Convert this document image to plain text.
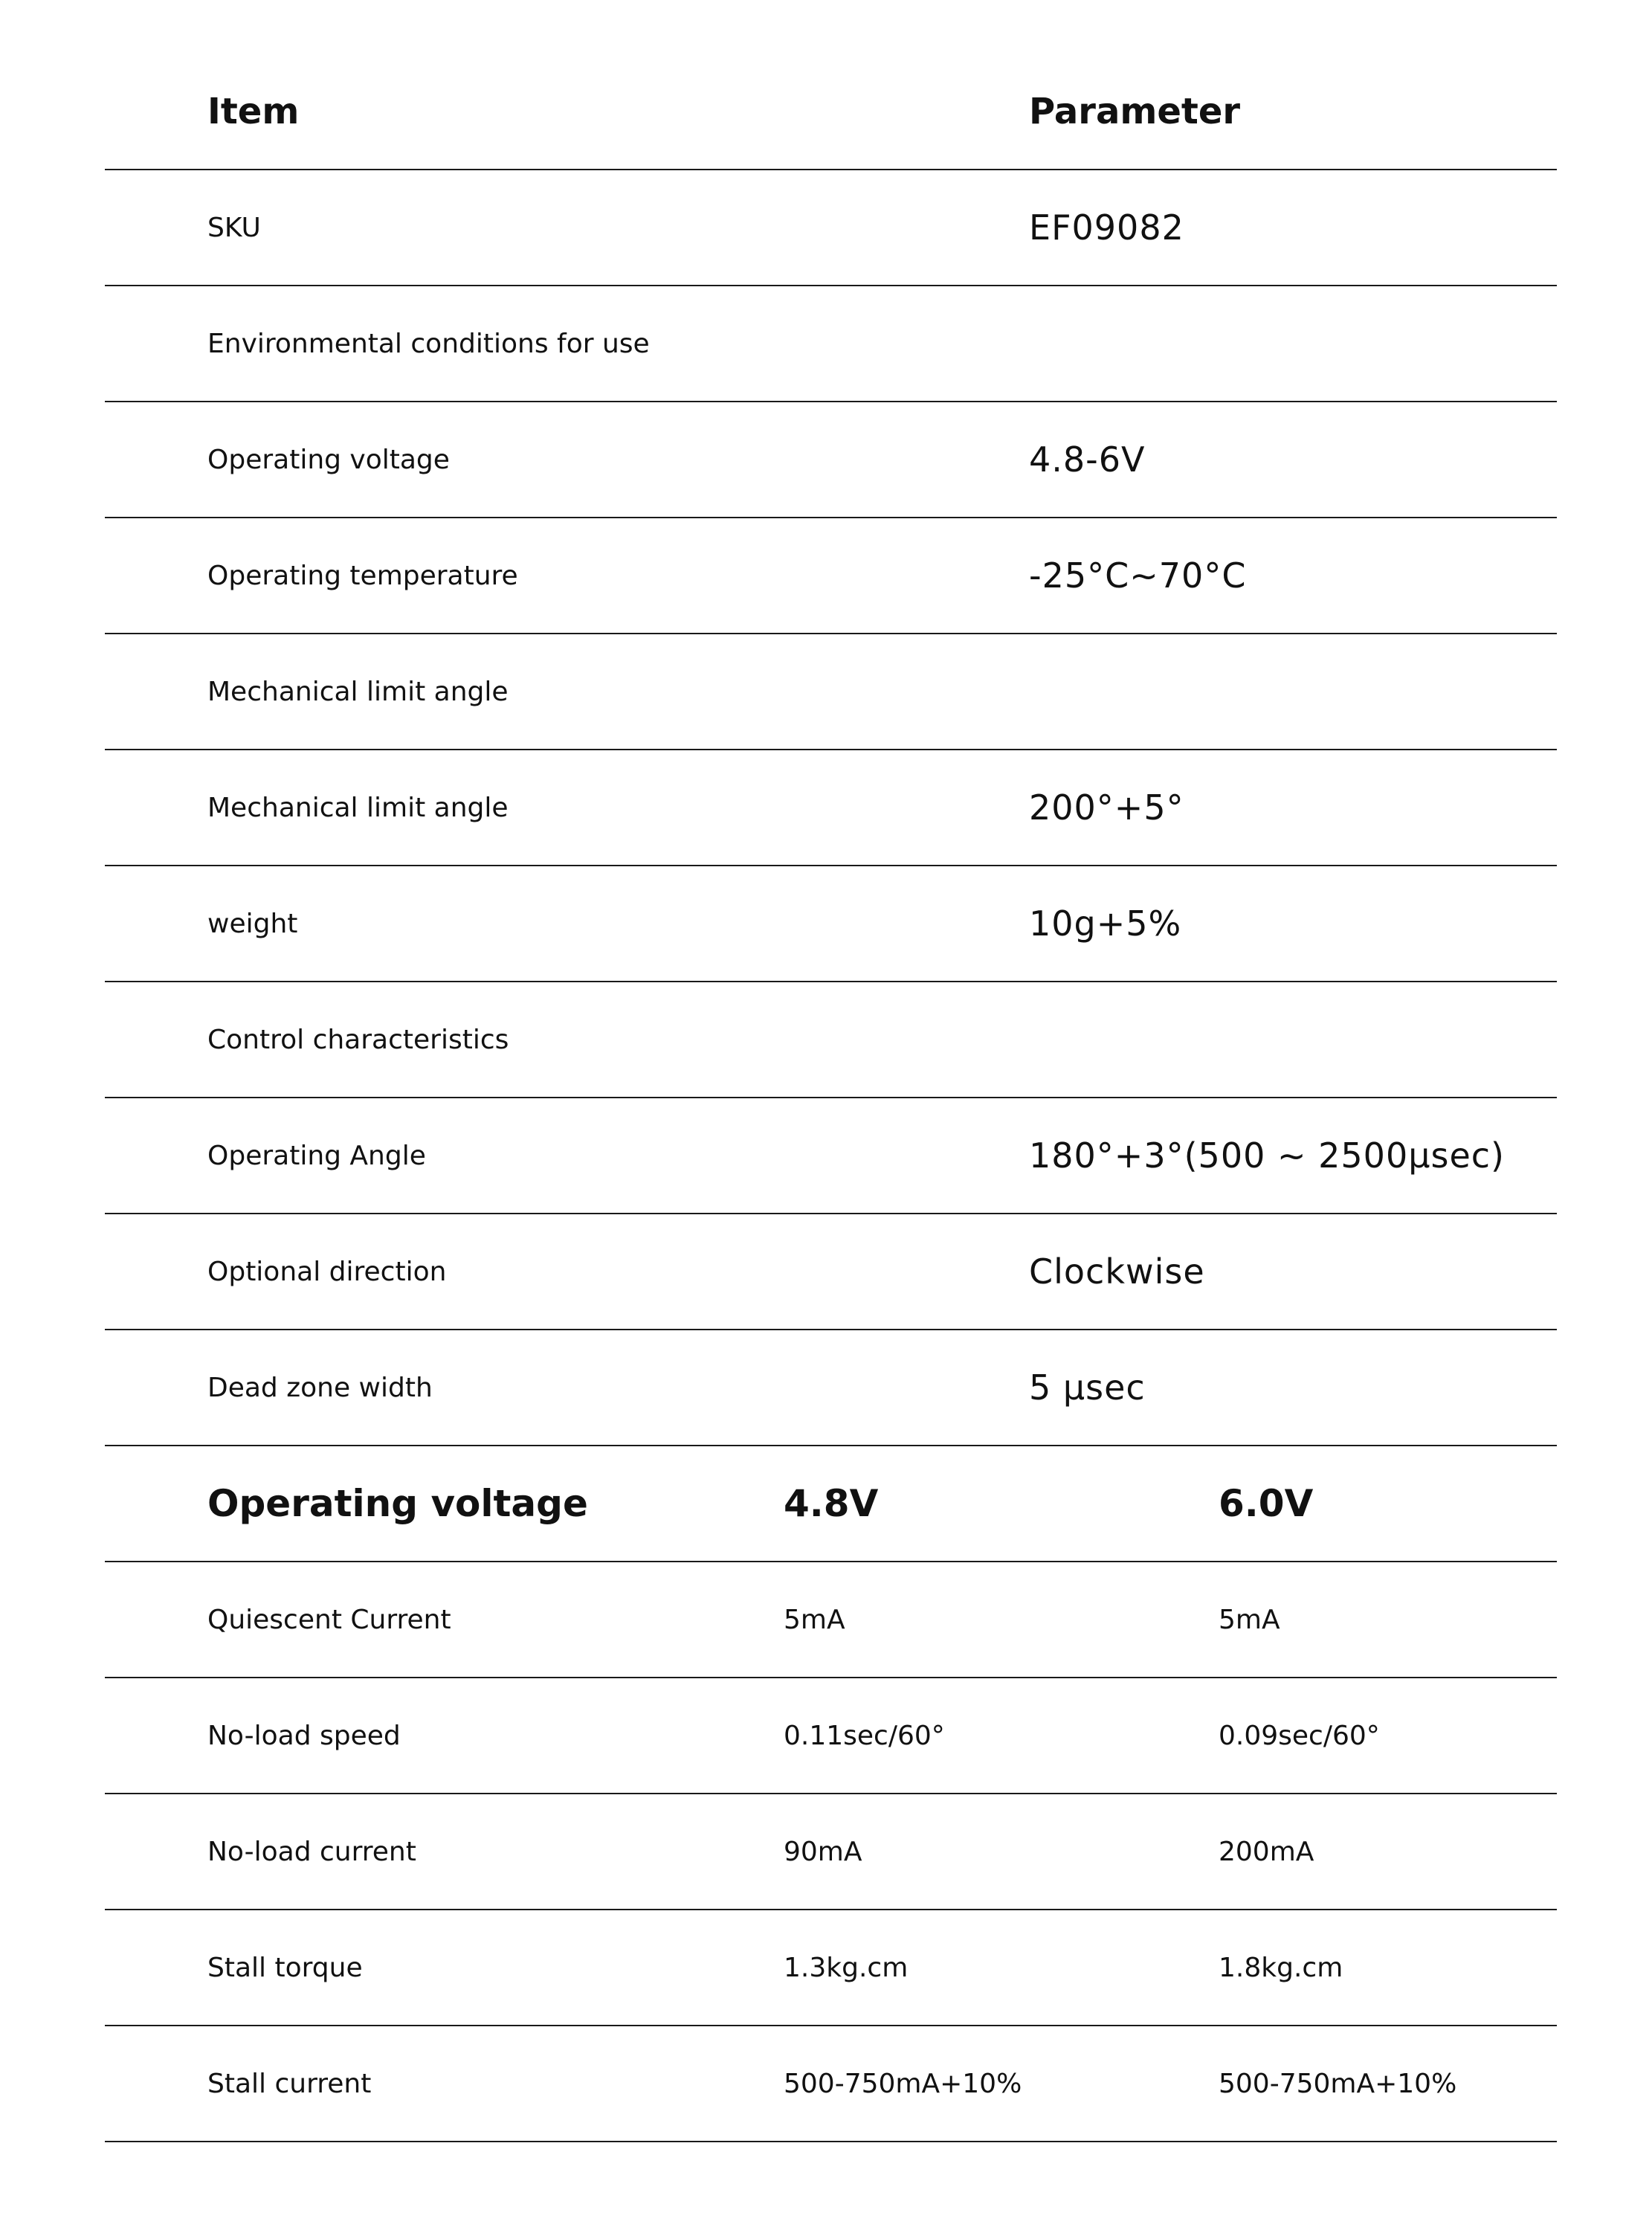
Item	Parameter
SKU	EF09082
Environmental conditions for use
Operating voltage	4.8-6V
Operating temperature	-25°C~70°C
Mechanical limit angle
Mechanical limit angle	200°+5°
weight	10g+5%
Control characteristics
Operating Angle	180°+3°(500 ~ 2500μsec)
Optional direction	Clockwise
Dead zone width	5 μsec
Operating voltage	4.8V	6.0V
Quiescent Current	5mA	5mA
No-load speed	0.11sec/60°	0.09sec/60°
No-load current	90mA	200mA
Stall torque	1.3kg.cm	1.8kg.cm
Stall current	500-750mA+10%	500-750mA+10%
